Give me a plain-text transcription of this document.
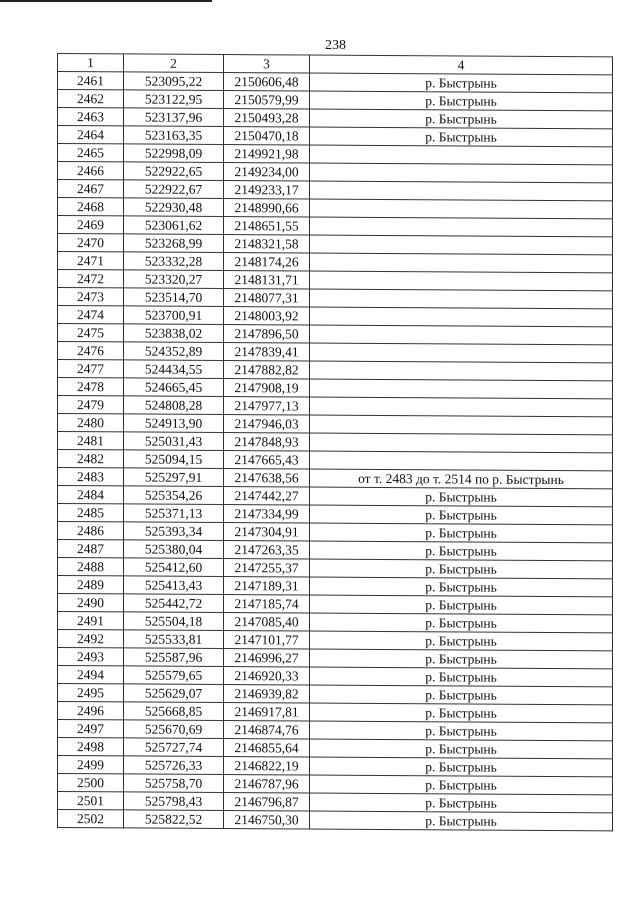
238
1	2	3	4
2461	523095,22	2150606,48	р. Быстрынь
2462	523122,95	2150579,99	р. Быстрынь
2463	523137,96	2150493,28	р. Быстрынь
2464	523163,35	2150470,18	р. Быстрынь
2465	522998,09	2149921,98	
2466	522922,65	2149234,00	
2467	522922,67	2149233,17	
2468	522930,48	2148990,66	
2469	523061,62	2148651,55	
2470	523268,99	2148321,58	
2471	523332,28	2148174,26	
2472	523320,27	2148131,71	
2473	523514,70	2148077,31	
2474	523700,91	2148003,92	
2475	523838,02	2147896,50	
2476	524352,89	2147839,41	
2477	524434,55	2147882,82	
2478	524665,45	2147908,19	
2479	524808,28	2147977,13	
2480	524913,90	2147946,03	
2481	525031,43	2147848,93	
2482	525094,15	2147665,43	
2483	525297,91	2147638,56	от т. 2483 до т. 2514 по р. Быстрынь
2484	525354,26	2147442,27	р. Быстрынь
2485	525371,13	2147334,99	р. Быстрынь
2486	525393,34	2147304,91	р. Быстрынь
2487	525380,04	2147263,35	р. Быстрынь
2488	525412,60	2147255,37	р. Быстрынь
2489	525413,43	2147189,31	р. Быстрынь
2490	525442,72	2147185,74	р. Быстрынь
2491	525504,18	2147085,40	р. Быстрынь
2492	525533,81	2147101,77	р. Быстрынь
2493	525587,96	2146996,27	р. Быстрынь
2494	525579,65	2146920,33	р. Быстрынь
2495	525629,07	2146939,82	р. Быстрынь
2496	525668,85	2146917,81	р. Быстрынь
2497	525670,69	2146874,76	р. Быстрынь
2498	525727,74	2146855,64	р. Быстрынь
2499	525726,33	2146822,19	р. Быстрынь
2500	525758,70	2146787,96	р. Быстрынь
2501	525798,43	2146796,87	р. Быстрынь
2502	525822,52	2146750,30	р. Быстрынь
